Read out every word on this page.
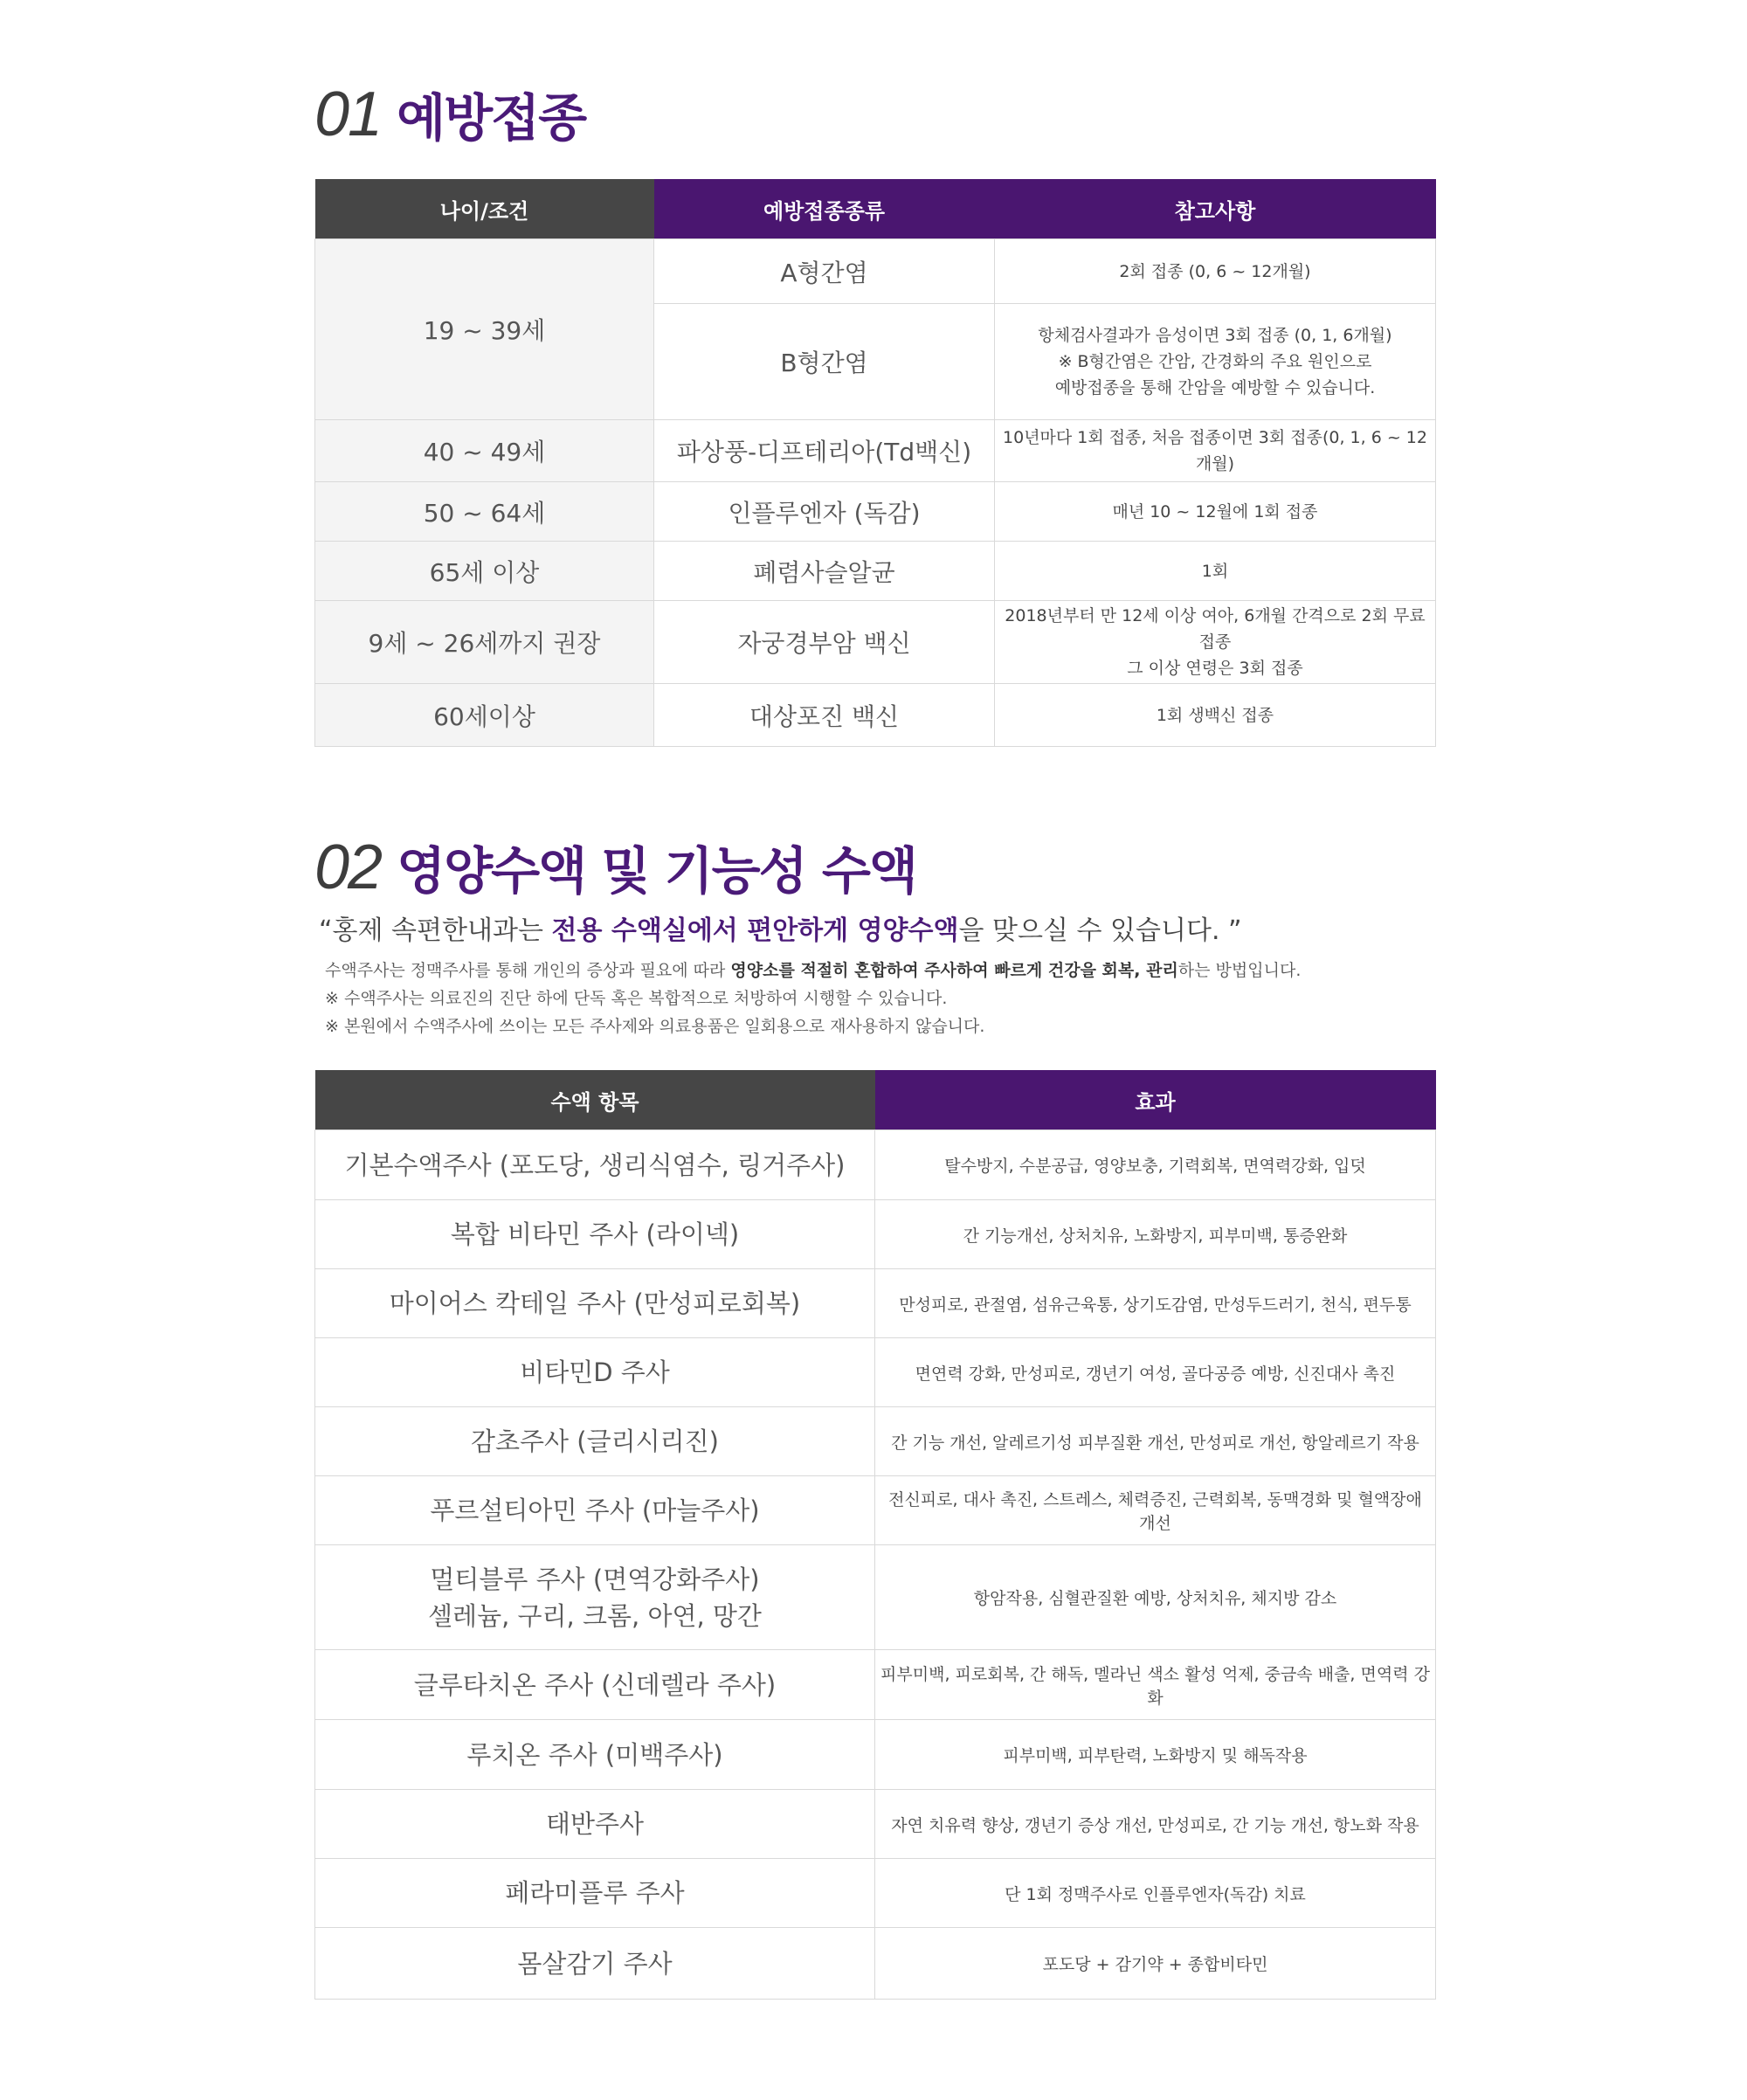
01 예방접종
나이/조건	예방접종종류	참고사항
19 ~ 39세	A형간염	2회 접종 (0, 6 ~ 12개월)

	B형간염	항체검사결과가 음성이면 3회 접종 (0, 1, 6개월)
※ B형간염은 간암, 간경화의 주요 원인으로
예방접종을 통해 간암을 예방할 수 있습니다.

40 ~ 49세	파상풍-디프테리아(Td백신)	10년마다 1회 접종, 처음 접종이면 3회 접종(0, 1, 6 ~ 12개월)

50 ~ 64세	인플루엔자 (독감)	매년 10 ~ 12월에 1회 접종

65세 이상	폐렴사슬알균	1회

9세 ~ 26세까지 권장	자궁경부암 백신	2018년부터 만 12세 이상 여아, 6개월 간격으로 2회 무료접종
그 이상 연령은 3회 접종

60세이상	대상포진 백신	1회 생백신 접종
02 영양수액 및 기능성 수액
“홍제 속편한내과는 전용 수액실에서 편안하게 영양수액을 맞으실 수 있습니다. ”
수액주사는 정맥주사를 통해 개인의 증상과 필요에 따라 영양소를 적절히 혼합하여 주사하여 빠르게 건강을 회복, 관리하는 방법입니다.
※ 수액주사는 의료진의 진단 하에 단독 혹은 복합적으로 처방하여 시행할 수 있습니다.
※ 본원에서 수액주사에 쓰이는 모든 주사제와 의료용품은 일회용으로 재사용하지 않습니다.
수액 항목	효과
기본수액주사 (포도당, 생리식염수, 링거주사)	탈수방지, 수분공급, 영양보충, 기력회복, 면역력강화, 입덧
복합 비타민 주사 (라이넥)	간 기능개선, 상처치유, 노화방지, 피부미백, 통증완화
마이어스 칵테일 주사 (만성피로회복)	만성피로, 관절염, 섬유근육통, 상기도감염, 만성두드러기, 천식, 편두통
비타민D 주사	면연력 강화, 만성피로, 갱년기 여성, 골다공증 예방, 신진대사 촉진
감초주사 (글리시리진)	간 기능 개선, 알레르기성 피부질환 개선, 만성피로 개선, 항알레르기 작용
푸르설티아민 주사 (마늘주사)	전신피로, 대사 촉진, 스트레스, 체력증진, 근력회복, 동맥경화 및 혈액장애 개선

멀티블루 주사 (면역강화주사)
셀레늄, 구리, 크롬, 아연, 망간	항암작용, 심혈관질환 예방, 상처치유, 체지방 감소
글루타치온 주사 (신데렐라 주사)	피부미백, 피로회복, 간 해독, 멜라닌 색소 활성 억제, 중금속 배출, 면역력 강화
루치온 주사 (미백주사)	피부미백, 피부탄력, 노화방지 및 해독작용
태반주사	자연 치유력 향상, 갱년기 증상 개선, 만성피로, 간 기능 개선, 항노화 작용
페라미플루 주사	단 1회 정맥주사로 인플루엔자(독감) 치료
몸살감기 주사	포도당 + 감기약 + 종합비타민
